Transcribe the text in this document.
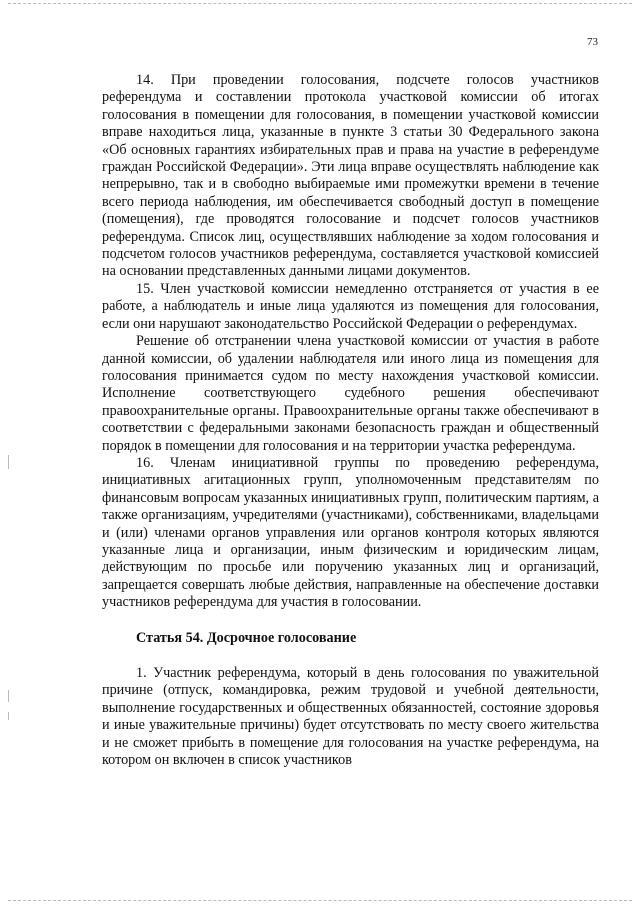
73

14. При проведении голосования, подсчете голосов участников референдума и составлении протокола участковой комиссии об итогах голосования в помещении для голосования, в помещении участковой комиссии вправе находиться лица, указанные в пункте 3 статьи 30 Федерального закона «Об основных гарантиях избирательных прав и права на участие в референдуме граждан Российской Федерации». Эти лица вправе осуществлять наблюдение как непрерывно, так и в свободно выбираемые ими промежутки времени в течение всего периода наблюдения, им обеспечивается свободный доступ в помещение (помещения), где проводятся голосование и подсчет голосов участников референдума. Список лиц, осуществлявших наблюдение за ходом голосования и подсчетом голосов участников референдума, составляется участковой комиссией на основании представленных данными лицами документов.

15. Член участковой комиссии немедленно отстраняется от участия в ее работе, а наблюдатель и иные лица удаляются из помещения для голосования, если они нарушают законодательство Российской Федерации о референдумах.

Решение об отстранении члена участковой комиссии от участия в работе данной комиссии, об удалении наблюдателя или иного лица из помещения для голосования принимается судом по месту нахождения участковой комиссии. Исполнение соответствующего судебного решения обеспечивают правоохранительные органы. Правоохранительные органы также обеспечивают в соответствии с федеральными законами безопасность граждан и общественный порядок в помещении для голосования и на территории участка референдума.

16. Членам инициативной группы по проведению референдума, инициативных агитационных групп, уполномоченным представителям по финансовым вопросам указанных инициативных групп, политическим партиям, а также организациям, учредителями (участниками), собственниками, владельцами и (или) членами органов управления или органов контроля которых являются указанные лица и организации, иным физическим и юридическим лицам, действующим по просьбе или поручению указанных лиц и организаций, запрещается совершать любые действия, направленные на обеспечение доставки участников референдума для участия в голосовании.

Статья 54. Досрочное голосование

1. Участник референдума, который в день голосования по уважительной причине (отпуск, командировка, режим трудовой и учебной деятельности, выполнение государственных и общественных обязанностей, состояние здоровья и иные уважительные причины) будет отсутствовать по месту своего жительства и не сможет прибыть в помещение для голосования на участке референдума, на котором он включен в список участников
